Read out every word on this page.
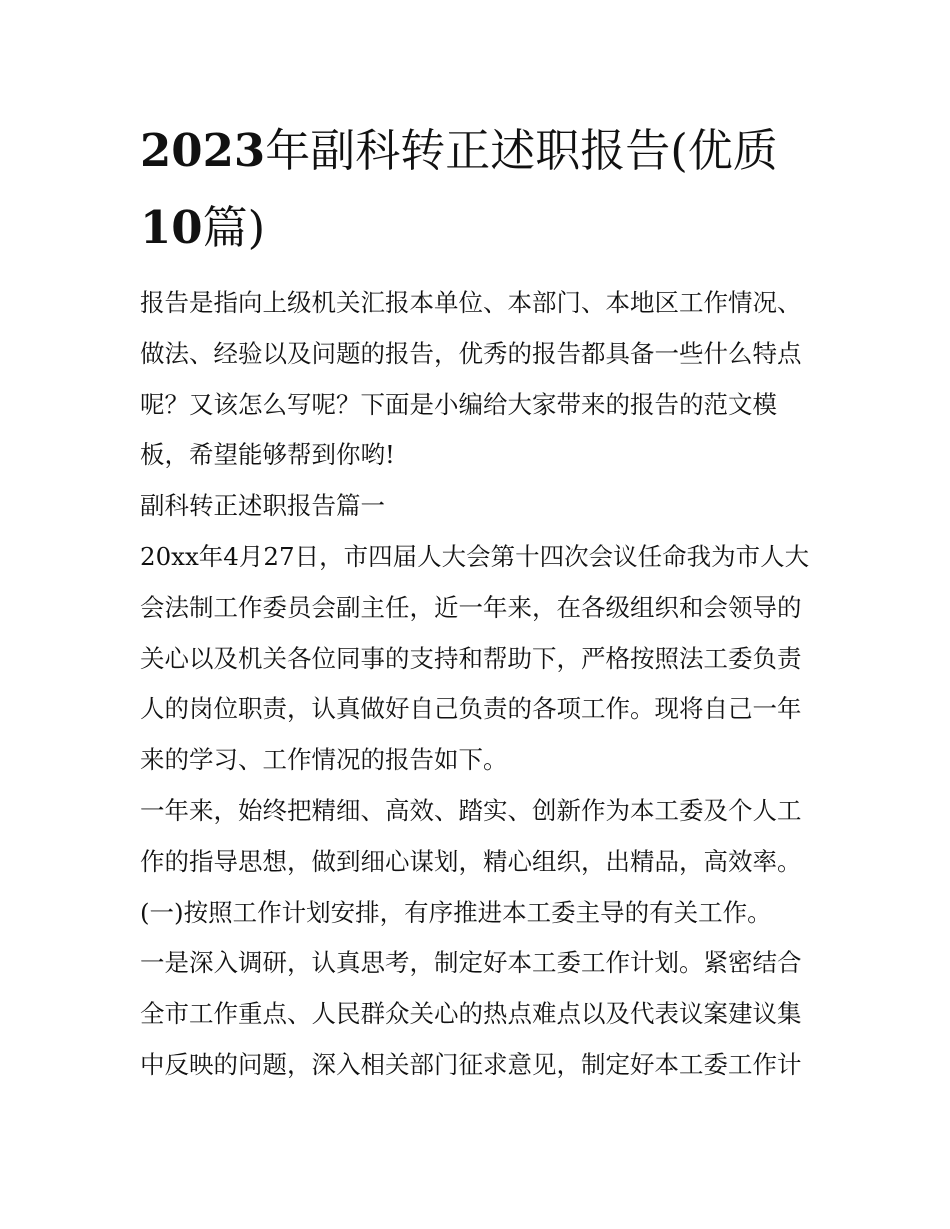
2023年副科转正述职报告(优质10篇)

报告是指向上级机关汇报本单位、本部门、本地区工作情况、做法、经验以及问题的报告，优秀的报告都具备一些什么特点呢？又该怎么写呢？下面是小编给大家带来的报告的范文模板，希望能够帮到你哟!

副科转正述职报告篇一

20xx年4月27日，市四届人大会第十四次会议任命我为市人大会法制工作委员会副主任，近一年来，在各级组织和会领导的关心以及机关各位同事的支持和帮助下，严格按照法工委负责人的岗位职责，认真做好自己负责的各项工作。现将自己一年来的学习、工作情况的报告如下。

一年来，始终把精细、高效、踏实、创新作为本工委及个人工作的指导思想，做到细心谋划，精心组织，出精品，高效率。

(一)按照工作计划安排，有序推进本工委主导的有关工作。

一是深入调研，认真思考，制定好本工委工作计划。紧密结合全市工作重点、人民群众关心的热点难点以及代表议案建议集中反映的问题，深入相关部门征求意见，制定好本工委工作计
